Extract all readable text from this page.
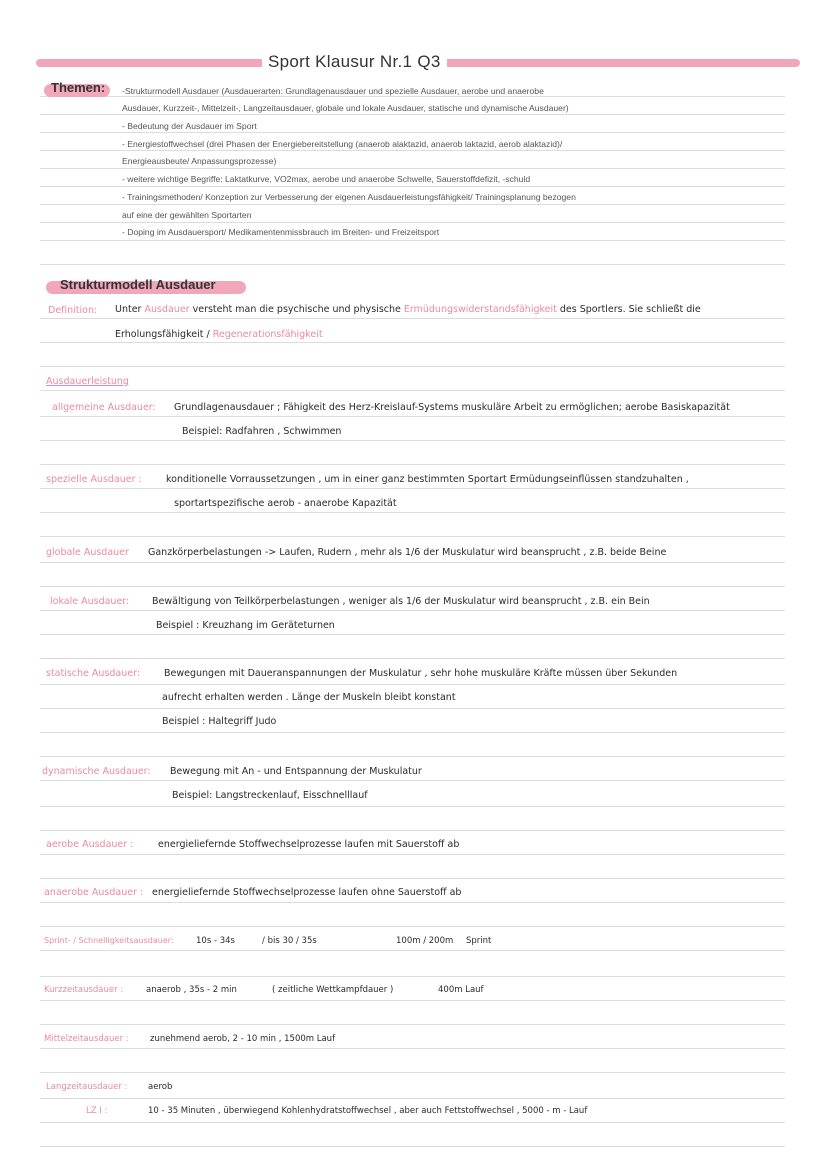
Sport Klausur Nr.1 Q3
Themen: -Strukturmodell Ausdauer (Ausdauerarten: Grundlagenausdauer und spezielle Ausdauer, aerobe und anaerobe
Ausdauer, Kurzzeit-, Mittelzeit-, Langzeitausdauer, globale und lokale Ausdauer, statische und dynamische Ausdauer)
- Bedeutung der Ausdauer im Sport
- Energiestoffwechsel (drei Phasen der Energiebereitstellung (anaerob alaktazid, anaerob laktazid, aerob alaktazid)/
Energieausbeute/ Anpassungsprozesse)
- weitere wichtige Begriffe: Laktatkurve, VO2max, aerobe und anaerobe Schwelle, Sauerstoffdefizit, -schuld
- Trainingsmethoden/ Konzeption zur Verbesserung der eigenen Ausdauerleistungsfähigkeit/ Trainingsplanung bezogen
auf eine der gewählten Sportarten
- Doping im Ausdauersport/ Medikamentenmissbrauch im Breiten- und Freizeitsport
Strukturmodell Ausdauer
Definition: Unter Ausdauer versteht man die psychische und physische Ermüdungswiderstandsfähigkeit des Sportlers. Sie schließt die
Erholungsfähigkeit / Regenerationsfähigkeit
Ausdauerleistung
allgemeine Ausdauer: Grundlagenausdauer ; Fähigkeit des Herz-Kreislauf-Systems muskuläre Arbeit zu ermöglichen; aerobe Basiskapazität
Beispiel: Radfahren , Schwimmen
spezielle Ausdauer :	konditionelle Vorraussetzungen , um in einer ganz bestimmten Sportart Ermüdungseinflüssen standzuhalten ,
sportartspezifische aerob - anaerobe Kapazität
globale Ausdauer Ganzkörperbelastungen -> Laufen, Rudern , mehr als 1/6 der Muskulatur wird beansprucht , z.B. beide Beine
lokale Ausdauer: Bewältigung von Teilkörperbelastungen , weniger als 1/6 der Muskulatur wird beansprucht , z.B. ein Bein
Beispiel : Kreuzhang im Geräteturnen
statische Ausdauer:	Bewegungen mit Daueranspannungen der Muskulatur , sehr hohe muskuläre Kräfte müssen über Sekunden
aufrecht erhalten werden . Länge der Muskeln bleibt konstant
Beispiel : Haltegriff Judo
dynamische Ausdauer: Bewegung mit An - und Entspannung der Muskulatur
Beispiel: Langstreckenlauf, Eisschnelllauf
aerobe Ausdauer :	energieliefernde Stoffwechselprozesse laufen mit Sauerstoff ab
anaerobe Ausdauer : energieliefernde Stoffwechselprozesse laufen ohne Sauerstoff ab
Sprint- / Schnelligkeitsausdauer:	10s - 34s	/ bis 30 / 35s	100m / 200m Sprint
Kurzzeitausdauer :	anaerob , 35s - 2 min	( zeitliche Wettkampfdauer )	400m Lauf
Mittelzeitausdauer :	zunehmend aerob, 2 - 10 min , 1500m Lauf
Langzeitausdauer : aerob
LZ I :	10 - 35 Minuten , überwiegend Kohlenhydratstoffwechsel , aber auch Fettstoffwechsel , 5000 - m - Lauf
